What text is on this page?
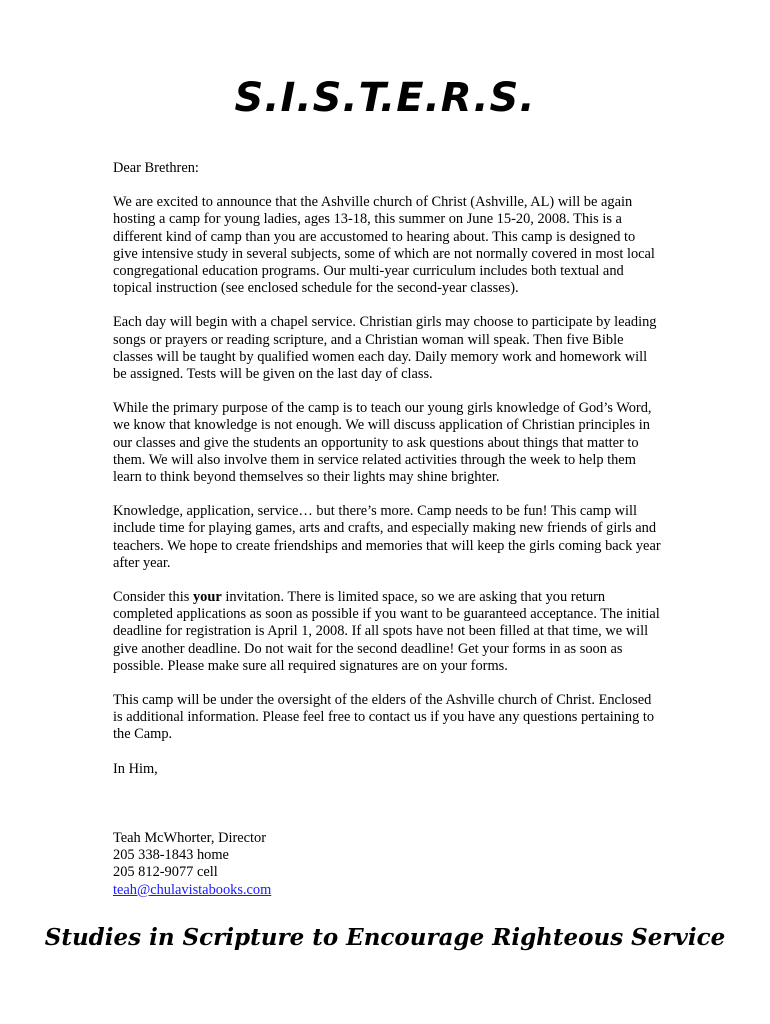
S.I.S.T.E.R.S.

Dear Brethren:

We are excited to announce that the Ashville church of Christ (Ashville, AL) will be again hosting a camp for young ladies, ages 13-18, this summer on June 15-20, 2008. This is a different kind of camp than you are accustomed to hearing about. This camp is designed to give intensive study in several subjects, some of which are not normally covered in most local congregational education programs. Our multi-year curriculum includes both textual and topical instruction (see enclosed schedule for the second-year classes).

Each day will begin with a chapel service. Christian girls may choose to participate by leading songs or prayers or reading scripture, and a Christian woman will speak. Then five Bible classes will be taught by qualified women each day. Daily memory work and homework will be assigned. Tests will be given on the last day of class.

While the primary purpose of the camp is to teach our young girls knowledge of God’s Word, we know that knowledge is not enough. We will discuss application of Christian principles in our classes and give the students an opportunity to ask questions about things that matter to them. We will also involve them in service related activities through the week to help them learn to think beyond themselves so their lights may shine brighter.

Knowledge, application, service… but there’s more. Camp needs to be fun! This camp will include time for playing games, arts and crafts, and especially making new friends of girls and teachers. We hope to create friendships and memories that will keep the girls coming back year after year.

Consider this your invitation. There is limited space, so we are asking that you return completed applications as soon as possible if you want to be guaranteed acceptance. The initial deadline for registration is April 1, 2008. If all spots have not been filled at that time, we will give another deadline. Do not wait for the second deadline! Get your forms in as soon as possible. Please make sure all required signatures are on your forms.

This camp will be under the oversight of the elders of the Ashville church of Christ. Enclosed is additional information. Please feel free to contact us if you have any questions pertaining to the Camp.

In Him,

Teah McWhorter, Director
205 338-1843 home
205 812-9077 cell
teah@chulavistabooks.com
Studies in Scripture to Encourage Righteous Service
